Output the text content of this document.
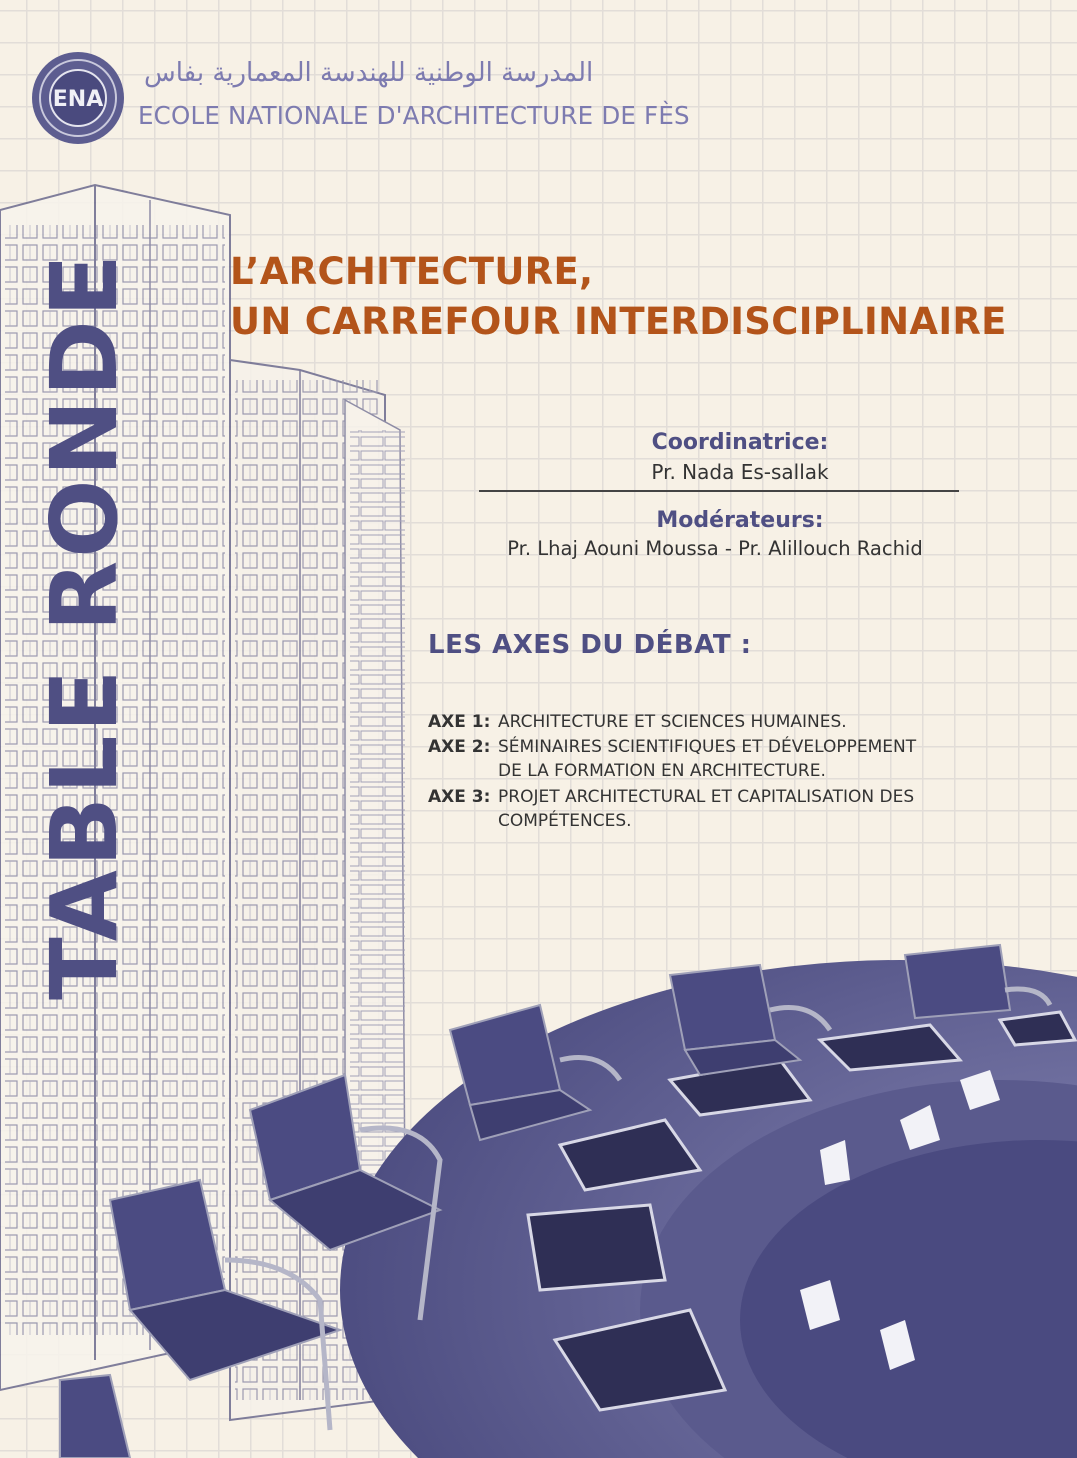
ENA
المدرسة الوطنية للهندسة المعمارية بفاس
ECOLE NATIONALE D'ARCHITECTURE DE FÈS
TABLE RONDE L’ARCHITECTURE,
UN CARREFOUR INTERDISCIPLINAIRE
Coordinatrice:
Pr. Nada Es-sallak
Modérateurs:
Pr. Lhaj Aouni Moussa - Pr. Alillouch Rachid
LES AXES DU DÉBAT :
AXE 1: ARCHITECTURE ET SCIENCES HUMAINES.
AXE 2: SÉMINAIRES SCIENTIFIQUES ET DÉVELOPPEMENT
DE LA FORMATION EN ARCHITECTURE.
AXE 3: PROJET ARCHITECTURAL ET CAPITALISATION DES
COMPÉTENCES.
